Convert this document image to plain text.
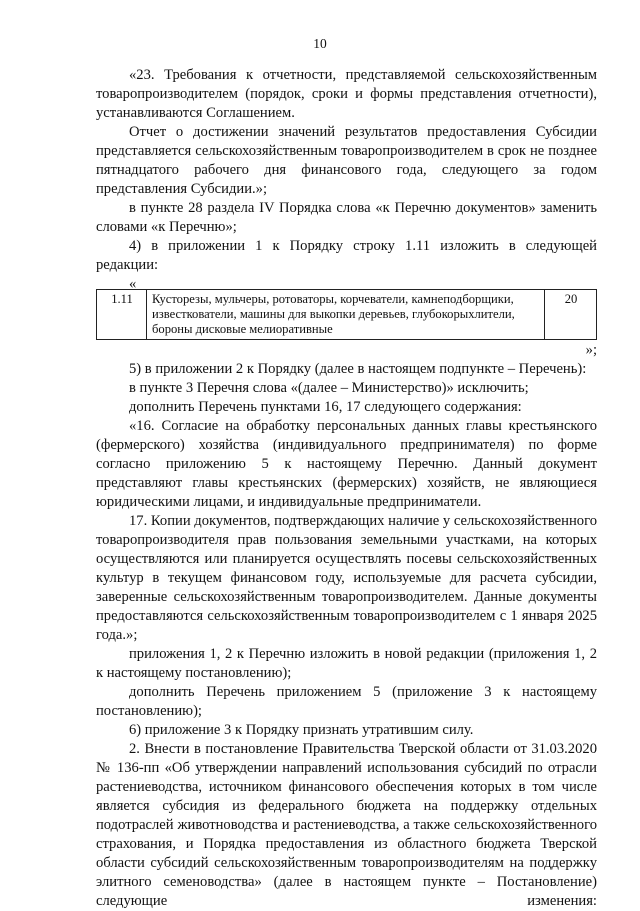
10

«23. Требования к отчетности, представляемой сельскохозяйственным товаропроизводителем (порядок, сроки и формы представления отчетности), устанавливаются Соглашением.

Отчет о достижении значений результатов предоставления Субсидии представляется сельскохозяйственным товаропроизводителем в срок не позднее пятнадцатого рабочего дня финансового года, следующего за годом представления Субсидии.»;

в пункте 28 раздела IV Порядка слова «к Перечню документов» заменить словами «к Перечню»;

4) в приложении 1 к Порядку строку 1.11 изложить в следующей редакции:

«
1.11	Кусторезы, мульчеры, ротоваторы, корчеватели, камнеподборщики, известкователи, машины для выкопки деревьев, глубокорыхлители, бороны дисковые мелиоративные	20
»;

5) в приложении 2 к Порядку (далее в настоящем подпункте – Перечень):

в пункте 3 Перечня слова «(далее – Министерство)» исключить;

дополнить Перечень пунктами 16, 17 следующего содержания:

«16. Согласие на обработку персональных данных главы крестьянского (фермерского) хозяйства (индивидуального предпринимателя) по форме согласно приложению 5 к настоящему Перечню. Данный документ представляют главы крестьянских (фермерских) хозяйств, не являющиеся юридическими лицами, и индивидуальные предприниматели.

17. Копии документов, подтверждающих наличие у сельскохозяйственного товаропроизводителя прав пользования земельными участками, на которых осуществляются или планируется осуществлять посевы сельскохозяйственных культур в текущем финансовом году, используемые для расчета субсидии, заверенные сельскохозяйственным товаропроизводителем. Данные документы предоставляются сельскохозяйственным товаропроизводителем с 1 января 2025 года.»;

приложения 1, 2 к Перечню изложить в новой редакции (приложения 1, 2 к настоящему постановлению);

дополнить Перечень приложением 5 (приложение 3 к настоящему постановлению);

6) приложение 3 к Порядку признать утратившим силу.

2. Внести в постановление Правительства Тверской области от 31.03.2020 № 136-пп «Об утверждении направлений использования субсидий по отрасли растениеводства, источником финансового обеспечения которых в том числе является субсидия из федерального бюджета на поддержку отдельных подотраслей животноводства и растениеводства, а также сельскохозяйственного страхования, и Порядка предоставления из областного бюджета Тверской области субсидий сельскохозяйственным товаропроизводителям на поддержку элитного семеноводства» (далее в настоящем пункте – Постановление) следующие изменения:
